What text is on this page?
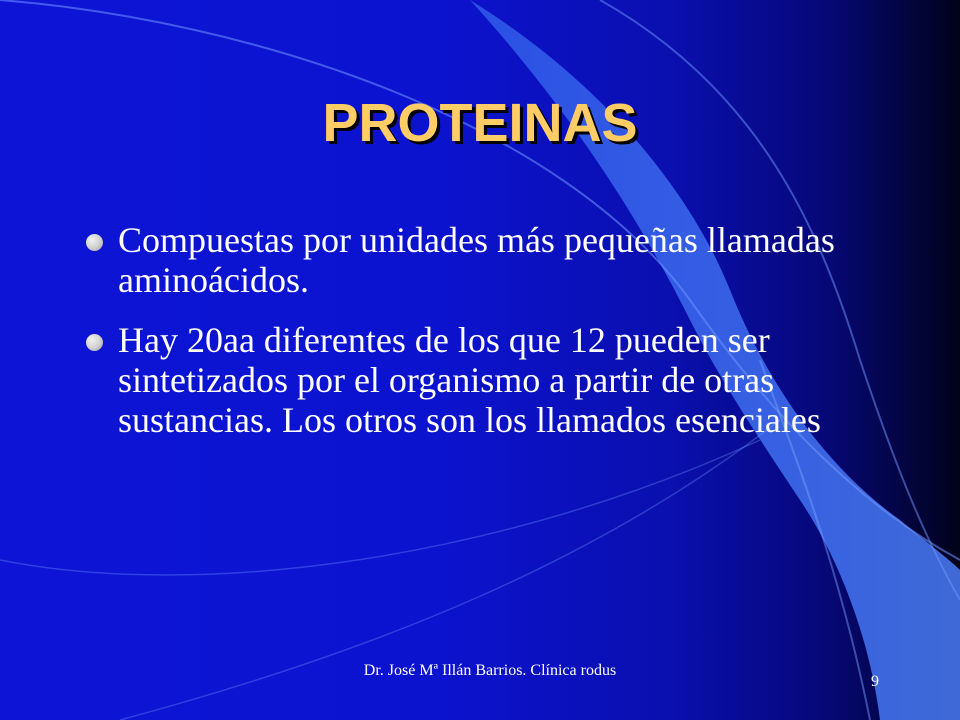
PROTEINAS
Compuestas por unidades más pequeñas llamadas aminoácidos.
Hay 20aa diferentes de los que 12 pueden ser sintetizados por el organismo a partir de otras sustancias. Los otros son los llamados esenciales
Dr. José Mª Illán Barrios. Clínica rodus
9
